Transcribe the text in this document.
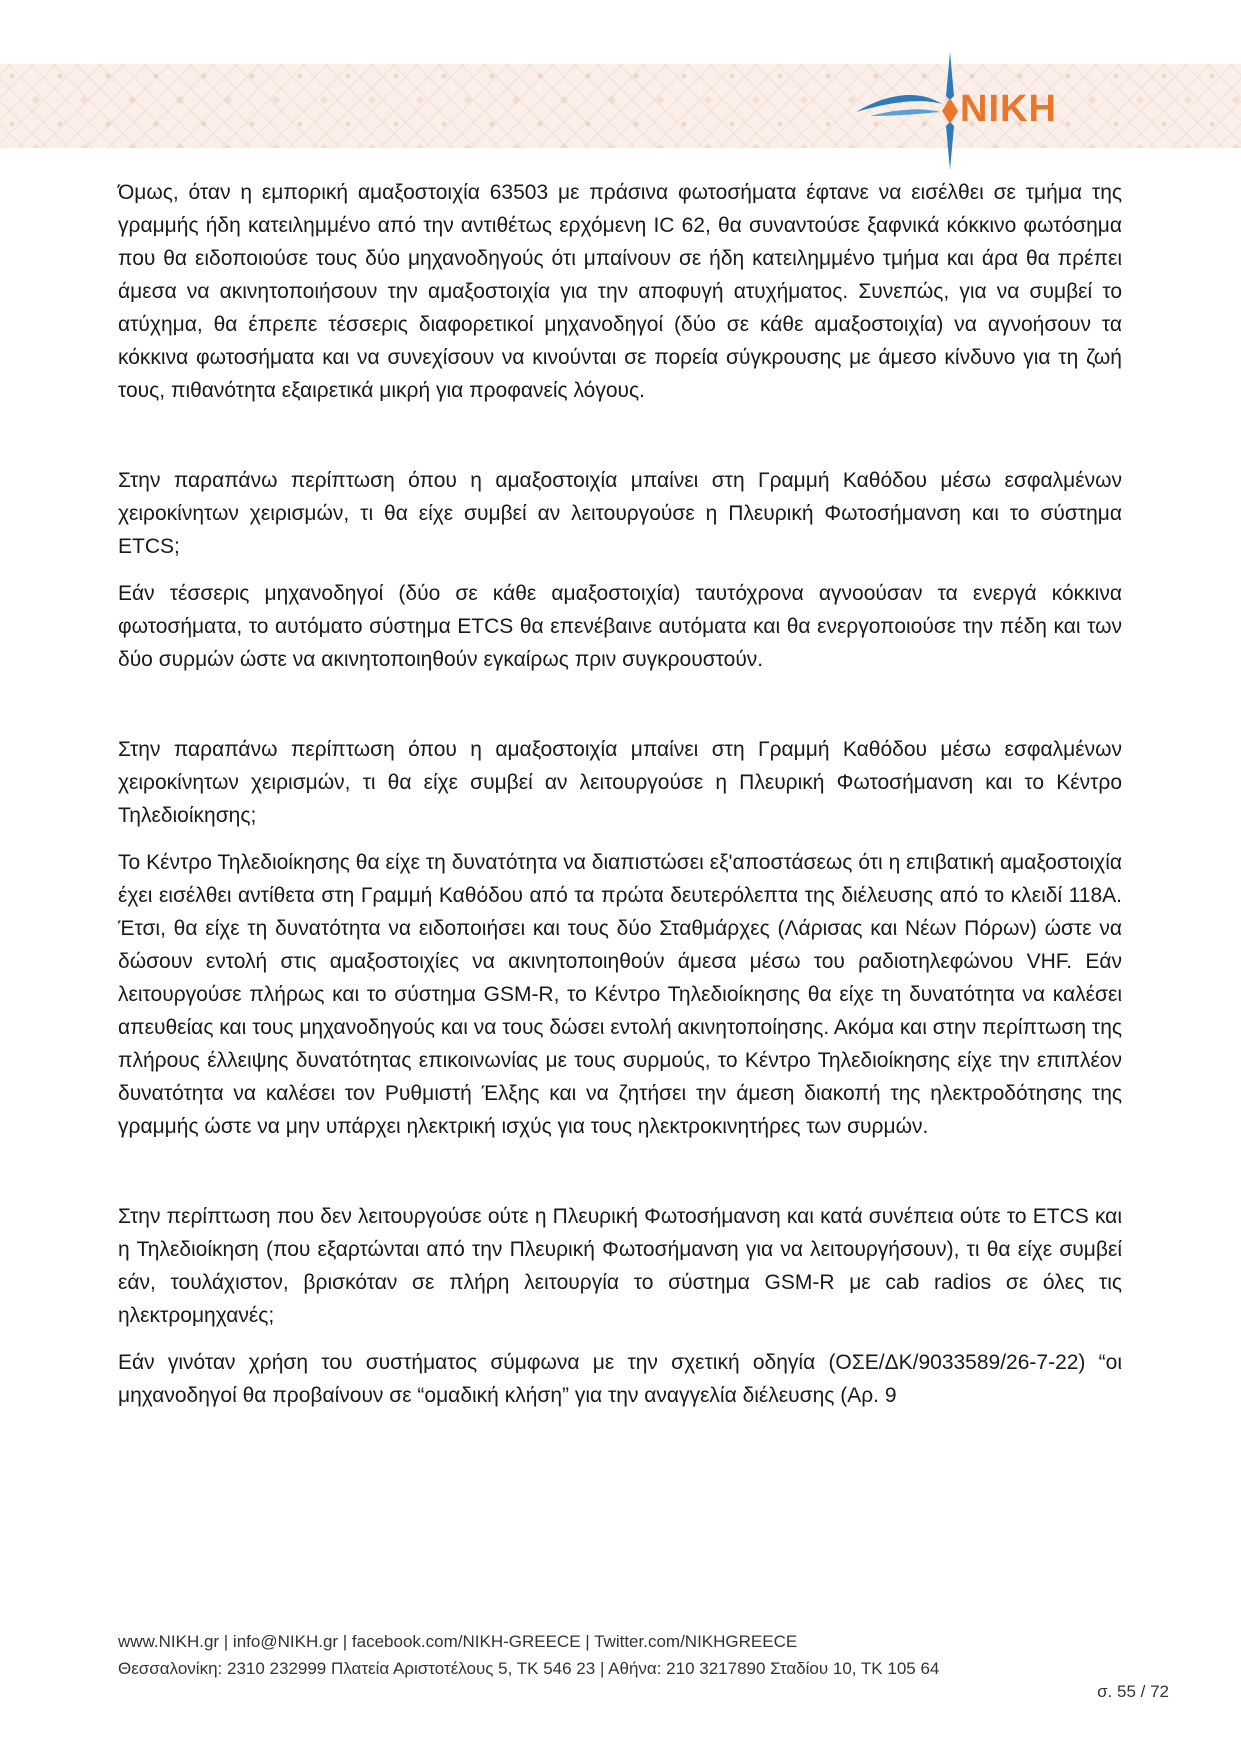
NIKH

Όμως, όταν η εμπορική αμαξοστοιχία 63503 με πράσινα φωτοσήματα έφτανε να εισέλθει σε τμήμα της γραμμής ήδη κατειλημμένο από την αντιθέτως ερχόμενη IC 62, θα συναντούσε ξαφνικά κόκκινο φωτόσημα που θα ειδοποιούσε τους δύο μηχανοδηγούς ότι μπαίνουν σε ήδη κατειλημμένο τμήμα και άρα θα πρέπει άμεσα να ακινητοποιήσουν την αμαξοστοιχία για την αποφυγή ατυχήματος. Συνεπώς, για να συμβεί το ατύχημα, θα έπρεπε τέσσερις διαφορετικοί μηχανοδηγοί (δύο σε κάθε αμαξοστοιχία) να αγνοήσουν τα κόκκινα φωτοσήματα και να συνεχίσουν να κινούνται σε πορεία σύγκρουσης με άμεσο κίνδυνο για τη ζωή τους, πιθανότητα εξαιρετικά μικρή για προφανείς λόγους.

Στην παραπάνω περίπτωση όπου η αμαξοστοιχία μπαίνει στη Γραμμή Καθόδου μέσω εσφαλμένων χειροκίνητων χειρισμών, τι θα είχε συμβεί αν λειτουργούσε η Πλευρική Φωτοσήμανση και το σύστημα ETCS;

Εάν τέσσερις μηχανοδηγοί (δύο σε κάθε αμαξοστοιχία) ταυτόχρονα αγνοούσαν τα ενεργά κόκκινα φωτοσήματα, το αυτόματο σύστημα ETCS θα επενέβαινε αυτόματα και θα ενεργοποιούσε την πέδη και των δύο συρμών ώστε να ακινητοποιηθούν εγκαίρως πριν συγκρουστούν.

Στην παραπάνω περίπτωση όπου η αμαξοστοιχία μπαίνει στη Γραμμή Καθόδου μέσω εσφαλμένων χειροκίνητων χειρισμών, τι θα είχε συμβεί αν λειτουργούσε η Πλευρική Φωτοσήμανση και το Κέντρο Τηλεδιοίκησης;

Το Κέντρο Τηλεδιοίκησης θα είχε τη δυνατότητα να διαπιστώσει εξ'αποστάσεως ότι η επιβατική αμαξοστοιχία έχει εισέλθει αντίθετα στη Γραμμή Καθόδου από τα πρώτα δευτερόλεπτα της διέλευσης από το κλειδί 118Α. Έτσι, θα είχε τη δυνατότητα να ειδοποιήσει και τους δύο Σταθμάρχες (Λάρισας και Νέων Πόρων) ώστε να δώσουν εντολή στις αμαξοστοιχίες να ακινητοποιηθούν άμεσα μέσω του ραδιοτηλεφώνου VHF. Εάν λειτουργούσε πλήρως και το σύστημα GSM-R, το Κέντρο Τηλεδιοίκησης θα είχε τη δυνατότητα να καλέσει απευθείας και τους μηχανοδηγούς και να τους δώσει εντολή ακινητοποίησης. Ακόμα και στην περίπτωση της πλήρους έλλειψης δυνατότητας επικοινωνίας με τους συρμούς, το Κέντρο Τηλεδιοίκησης είχε την επιπλέον δυνατότητα να καλέσει τον Ρυθμιστή Έλξης και να ζητήσει την άμεση διακοπή της ηλεκτροδότησης της γραμμής ώστε να μην υπάρχει ηλεκτρική ισχύς για τους ηλεκτροκινητήρες των συρμών.

Στην περίπτωση που δεν λειτουργούσε ούτε η Πλευρική Φωτοσήμανση και κατά συνέπεια ούτε το ETCS και η Τηλεδιοίκηση (που εξαρτώνται από την Πλευρική Φωτοσήμανση για να λειτουργήσουν), τι θα είχε συμβεί εάν, τουλάχιστον, βρισκόταν σε πλήρη λειτουργία το σύστημα GSM-R με cab radios σε όλες τις ηλεκτρομηχανές;

Εάν γινόταν χρήση του συστήματος σύμφωνα με την σχετική οδηγία (ΟΣΕ/ΔΚ/9033589/26-7-22) “οι μηχανοδηγοί θα προβαίνουν σε “ομαδική κλήση” για την αναγγελία διέλευσης (Αρ. 9

www.NIKH.gr | info@NIKH.gr | facebook.com/NIKH-GREECE | Twitter.com/NIKHGREECE
Θεσσαλονίκη: 2310 232999 Πλατεία Αριστοτέλους 5, ΤΚ 546 23 | Αθήνα: 210 3217890 Σταδίου 10, ΤΚ 105 64
σ. 55 / 72
